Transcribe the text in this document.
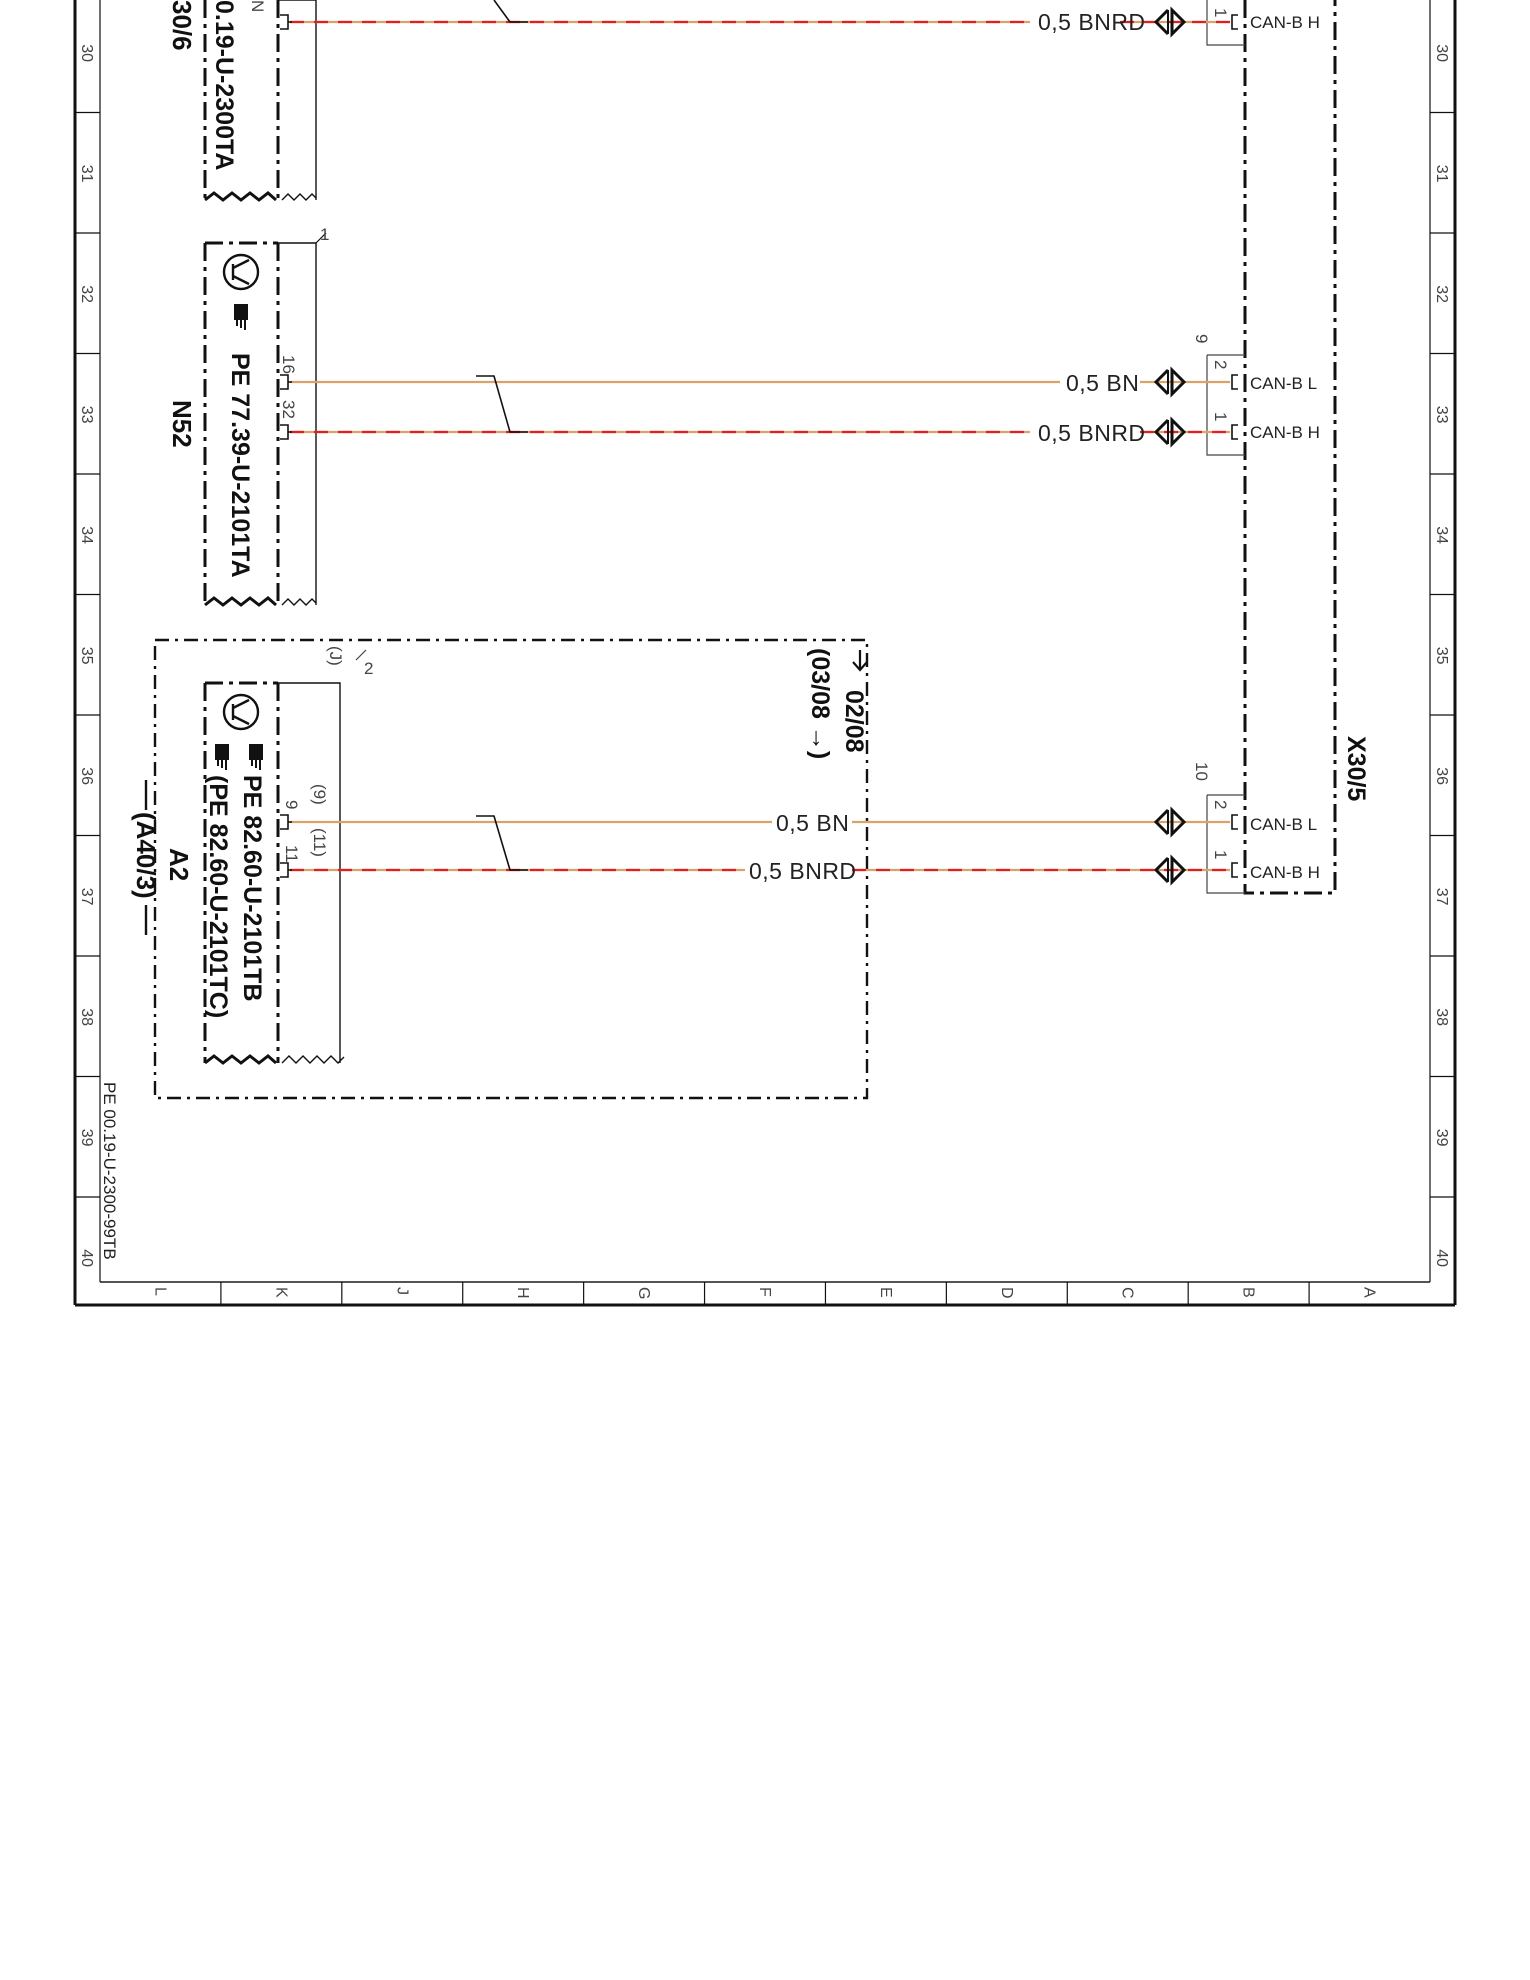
30	30
31	31
32	32
33	33
34	34
35	35
36	36
37	37
38	38
39	39
40	40
L	K	J	H	G	F	E	D	C	B	A
PE 00.19-U-2300-99TB
X30/5
9
10
1
2
1
2
1
CAN-B H
CAN-B L
CAN-B H
CAN-B L
CAN-B H
30/6 0.19-U-2300TA N
1
PE 77.39-U-2101TA
N52
16
32
2
(J)
PE 82.60-U-2101TB
(PE 82.60-U-2101TC)
A2
(A40/3)
9
11
(9)
(11)
02/08
(03/08 →)
0,5 BNRD
0,5 BN
0,5 BNRD
0,5 BN
0,5 BNRD
